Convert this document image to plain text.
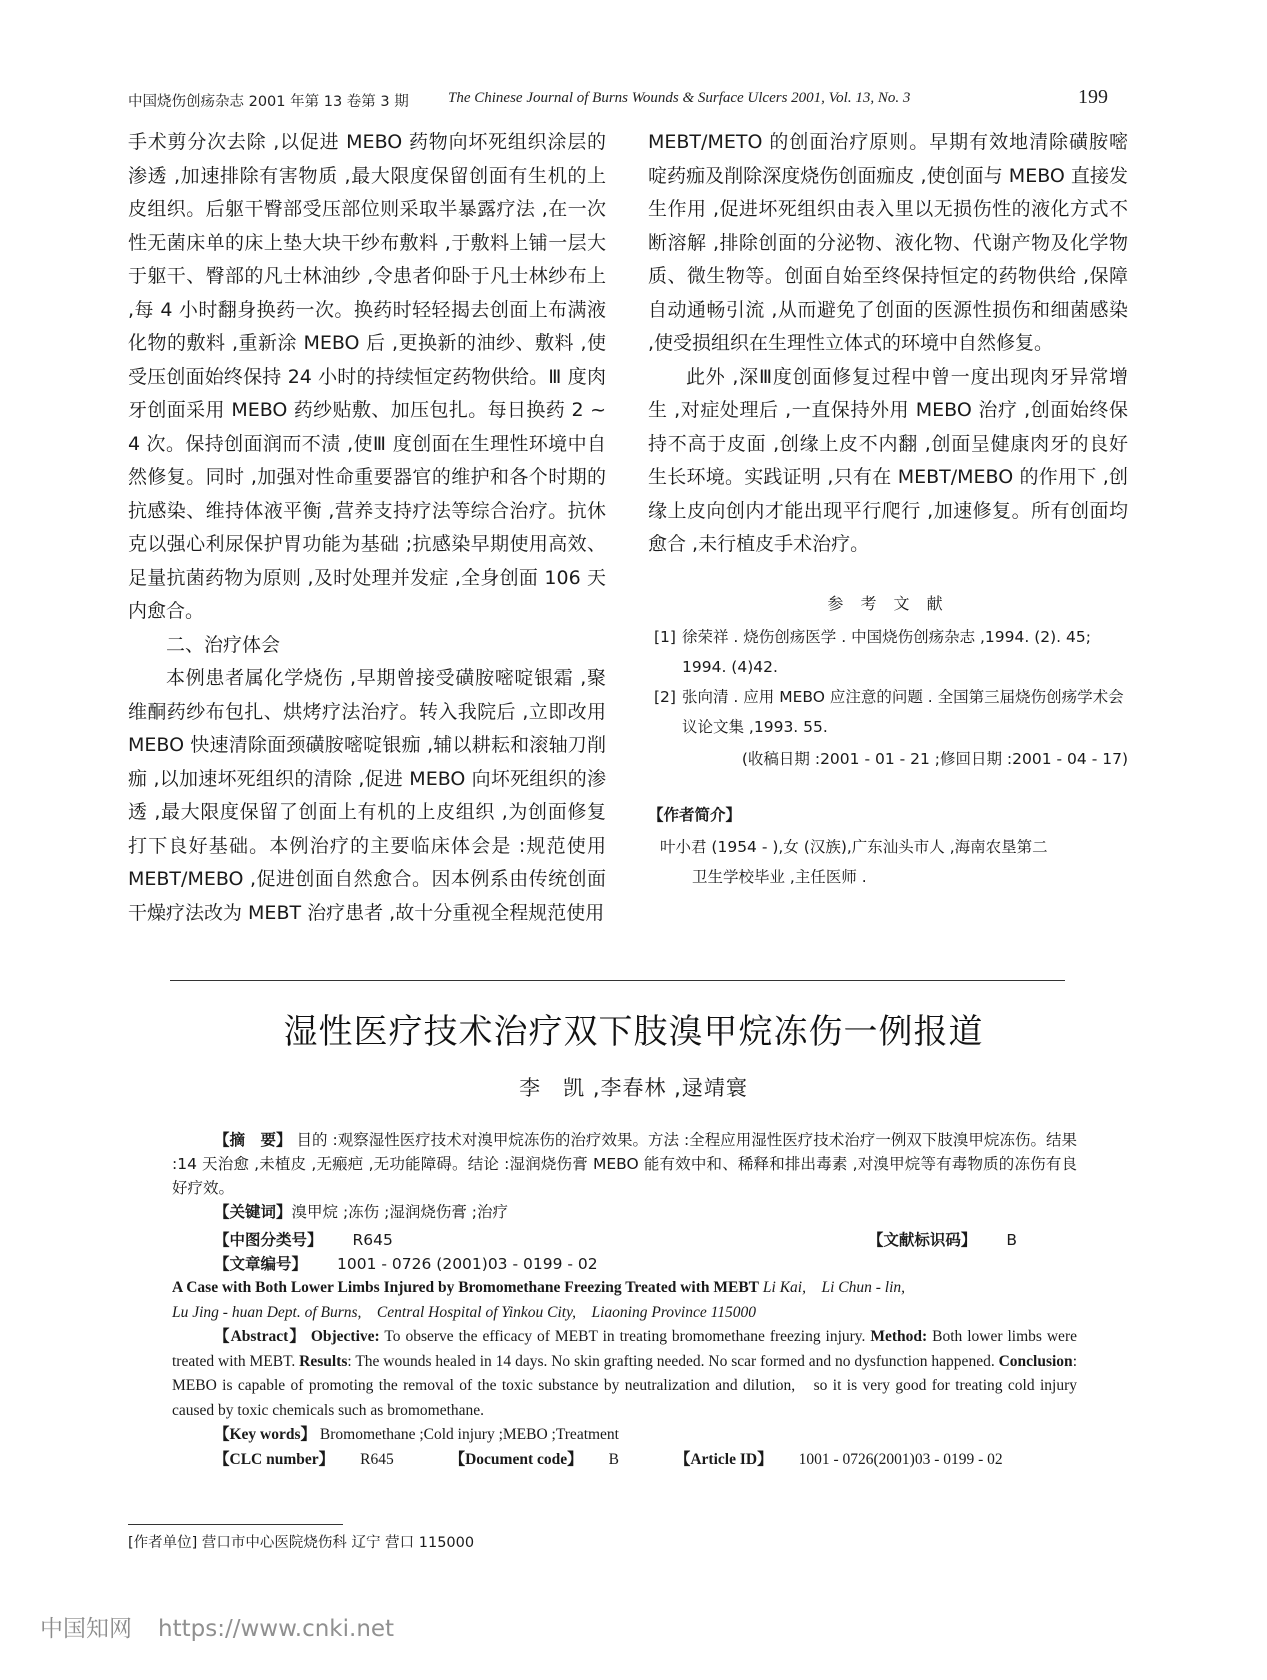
中国烧伤创疡杂志 2001 年第 13 卷第 3 期	The Chinese Journal of Burns Wounds & Surface Ulcers 2001, Vol. 13, No. 3	199

手术剪分次去除 ,以促进 MEBO 药物向坏死组织涂层的渗透 ,加速排除有害物质 ,最大限度保留创面有生机的上皮组织。后躯干臀部受压部位则采取半暴露疗法 ,在一次性无菌床单的床上垫大块干纱布敷料 ,于敷料上铺一层大于躯干、臀部的凡士林油纱 ,令患者仰卧于凡士林纱布上 ,每 4 小时翻身换药一次。换药时轻轻揭去创面上布满液化物的敷料 ,重新涂 MEBO 后 ,更换新的油纱、敷料 ,使受压创面始终保持 24 小时的持续恒定药物供给。Ⅲ 度肉牙创面采用 MEBO 药纱贴敷、加压包扎。每日换药 2 ~ 4 次。保持创面润而不渍 ,使Ⅲ 度创面在生理性环境中自然修复。同时 ,加强对性命重要器官的维护和各个时期的抗感染、维持体液平衡 ,营养支持疗法等综合治疗。抗休克以强心利尿保护胃功能为基础 ;抗感染早期使用高效、足量抗菌药物为原则 ,及时处理并发症 ,全身创面 106 天内愈合。

二、治疗体会

本例患者属化学烧伤 ,早期曾接受磺胺嘧啶银霜 ,聚维酮药纱布包扎、烘烤疗法治疗。转入我院后 ,立即改用 MEBO 快速清除面颈磺胺嘧啶银痂 ,辅以耕耘和滚轴刀削痂 ,以加速坏死组织的清除 ,促进 MEBO 向坏死组织的渗透 ,最大限度保留了创面上有机的上皮组织 ,为创面修复打下良好基础。本例治疗的主要临床体会是 :规范使用 MEBT/MEBO ,促进创面自然愈合。因本例系由传统创面干燥疗法改为 MEBT 治疗患者 ,故十分重视全程规范使用

MEBT/METO 的创面治疗原则。早期有效地清除磺胺嘧啶药痂及削除深度烧伤创面痂皮 ,使创面与 MEBO 直接发生作用 ,促进坏死组织由表入里以无损伤性的液化方式不断溶解 ,排除创面的分泌物、液化物、代谢产物及化学物质、微生物等。创面自始至终保持恒定的药物供给 ,保障自动通畅引流 ,从而避免了创面的医源性损伤和细菌感染 ,使受损组织在生理性立体式的环境中自然修复。

此外 ,深Ⅲ度创面修复过程中曾一度出现肉牙异常增生 ,对症处理后 ,一直保持外用 MEBO 治疗 ,创面始终保持不高于皮面 ,创缘上皮不内翻 ,创面呈健康肉牙的良好生长环境。实践证明 ,只有在 MEBT/MEBO 的作用下 ,创缘上皮向创内才能出现平行爬行 ,加速修复。所有创面均愈合 ,未行植皮手术治疗。

参 考 文 献
[1] 徐荣祥 . 烧伤创疡医学 . 中国烧伤创疡杂志 ,1994. (2). 45; 1994. (4)42.
[2] 张向清 . 应用 MEBO 应注意的问题 . 全国第三届烧伤创疡学术会议论文集 ,1993. 55.
(收稿日期 :2001 - 01 - 21 ;修回日期 :2001 - 04 - 17)
【作者简介】
叶小君 (1954 - ),女 (汉族),广东汕头市人 ,海南农垦第二
卫生学校毕业 ,主任医师 .
湿性医疗技术治疗双下肢溴甲烷冻伤一例报道
李　凯 ,李春林 ,逯靖寰

【摘　要】 目的 :观察湿性医疗技术对溴甲烷冻伤的治疗效果。方法 :全程应用湿性医疗技术治疗一例双下肢溴甲烷冻伤。结果 :14 天治愈 ,未植皮 ,无瘢疤 ,无功能障碍。结论 :湿润烧伤膏 MEBO 能有效中和、稀释和排出毒素 ,对溴甲烷等有毒物质的冻伤有良好疗效。

【关键词】溴甲烷 ;冻伤 ;湿润烧伤膏 ;治疗

【中图分类号】 R645	【文献标识码】 B 【文章编号】 1001 - 0726 (2001)03 - 0199 - 02

A Case with Both Lower Limbs Injured by Bromomethane Freezing Treated with MEBT Li Kai,　Li Chun - lin,

Lu Jing - huan Dept. of Burns,　Central Hospital of Yinkou City,　Liaoning Province 115000

【Abstract】 Objective: To observe the efficacy of MEBT in treating bromomethane freezing injury. Method: Both lower limbs were treated with MEBT. Results: The wounds healed in 14 days. No skin grafting needed. No scar formed and no dysfunction happened. Conclusion: MEBO is capable of promoting the removal of the toxic substance by neutralization and dilution,　so it is very good for treating cold injury caused by toxic chemicals such as bromomethane.

【Key words】 Bromomethane ;Cold injury ;MEBO ;Treatment

【CLC number】 R645	【Document code】 B	【Article ID】 1001 - 0726(2001)03 - 0199 - 02

[作者单位] 营口市中心医院烧伤科 辽宁 营口 115000
中国知网 https://www.cnki.net
